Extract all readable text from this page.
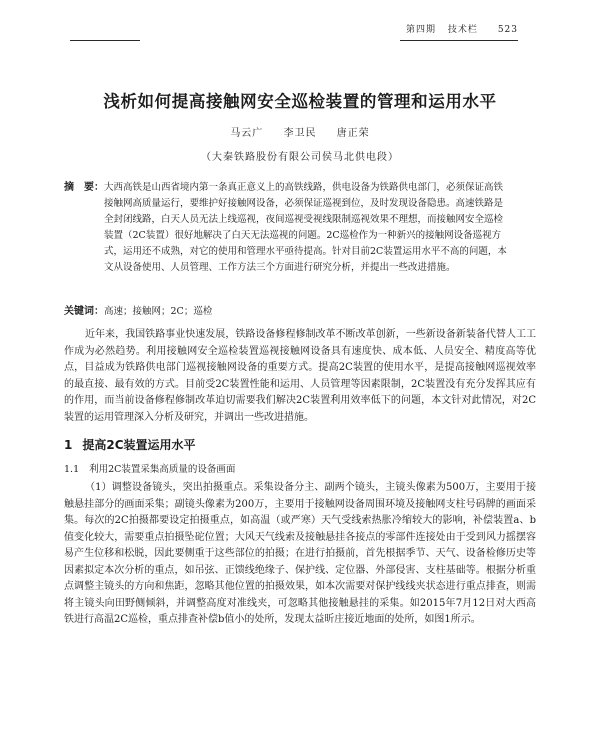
第四期 技术栏 523
浅析如何提高接触网安全巡检装置的管理和运用水平
马云广 李卫民 唐正荣
（大秦铁路股份有限公司侯马北供电段）
摘　要： 大西高铁是山西省境内第一条真正意义上的高铁线路，供电设备为铁路供电部门，必须保证高铁接触网高质量运行，要维护好接触网设备，必须保证巡视到位，及时发现设备隐患。高速铁路是全封闭线路，白天人员无法上线巡视，夜间巡视受视线限制巡视效果不理想，而接触网安全巡检装置（2C装置）很好地解决了白天无法巡视的问题。2C巡检作为一种新兴的接触网设备巡视方式，运用还不成熟，对它的使用和管理水平亟待提高。针对目前2C装置运用水平不高的问题，本文从设备使用、人员管理、工作方法三个方面进行研究分析，并提出一些改进措施。
关键词：高速；接触网；2C；巡检
近年来，我国铁路事业快速发展，铁路设备修程修制改革不断改革创新，一些新设备新装备代替人工工作成为必然趋势。利用接触网安全巡检装置巡视接触网设备具有速度快、成本低、人员安全、精度高等优点，目益成为铁路供电部门巡视接触网设备的重要方式。提高2C装置的使用水平，是提高接触网巡视效率的最直接、最有效的方式。目前受2C装置性能和运用、人员管理等因素限制，2C装置没有充分发挥其应有的作用，而当前设备修程修制改革迫切需要我们解决2C装置利用效率低下的问题，本文针对此情况，对2C装置的运用管理深入分析及研究，并调出一些改进措施。
1 提高2C装置运用水平
1.1 利用2C装置采集高质量的设备画面
（1）调整设备镜头，突出拍摄重点。采集设备分主、副两个镜头，主镜头像素为500万，主要用于接触悬挂部分的画面采集；副镜头像素为200万，主要用于接触网设备周围环境及接触网支柱号码牌的画面采集。每次的2C拍摄都要设定拍摄重点，如高温（或严寒）天气受线索热胀冷缩较大的影响，补偿装置a、b值变化较大，需要重点拍摄坠砣位置；大风天气线索及接触悬挂各接点的零部件连接处由于受到风力摇摆容易产生位移和松脱，因此要侧重于这些部位的拍摄；在进行拍摄前，首先根据季节、天气、设备检修历史等因素拟定本次分析的重点，如吊弦、正馈线绝缘子、保护线、定位器、外部侵害、支柱基础等。根据分析重点调整主镜头的方向和焦距，忽略其他位置的拍摄效果，如本次需要对保护线线夹状态进行重点排查，则需将主镜头向田野侧倾斜，并调整高度对准线夹，可忽略其他接触悬挂的采集。如2015年7月12日对大西高铁进行高温2C巡检，重点排查补偿b值小的处所，发现太益昕庄接近地面的处所，如图1所示。
